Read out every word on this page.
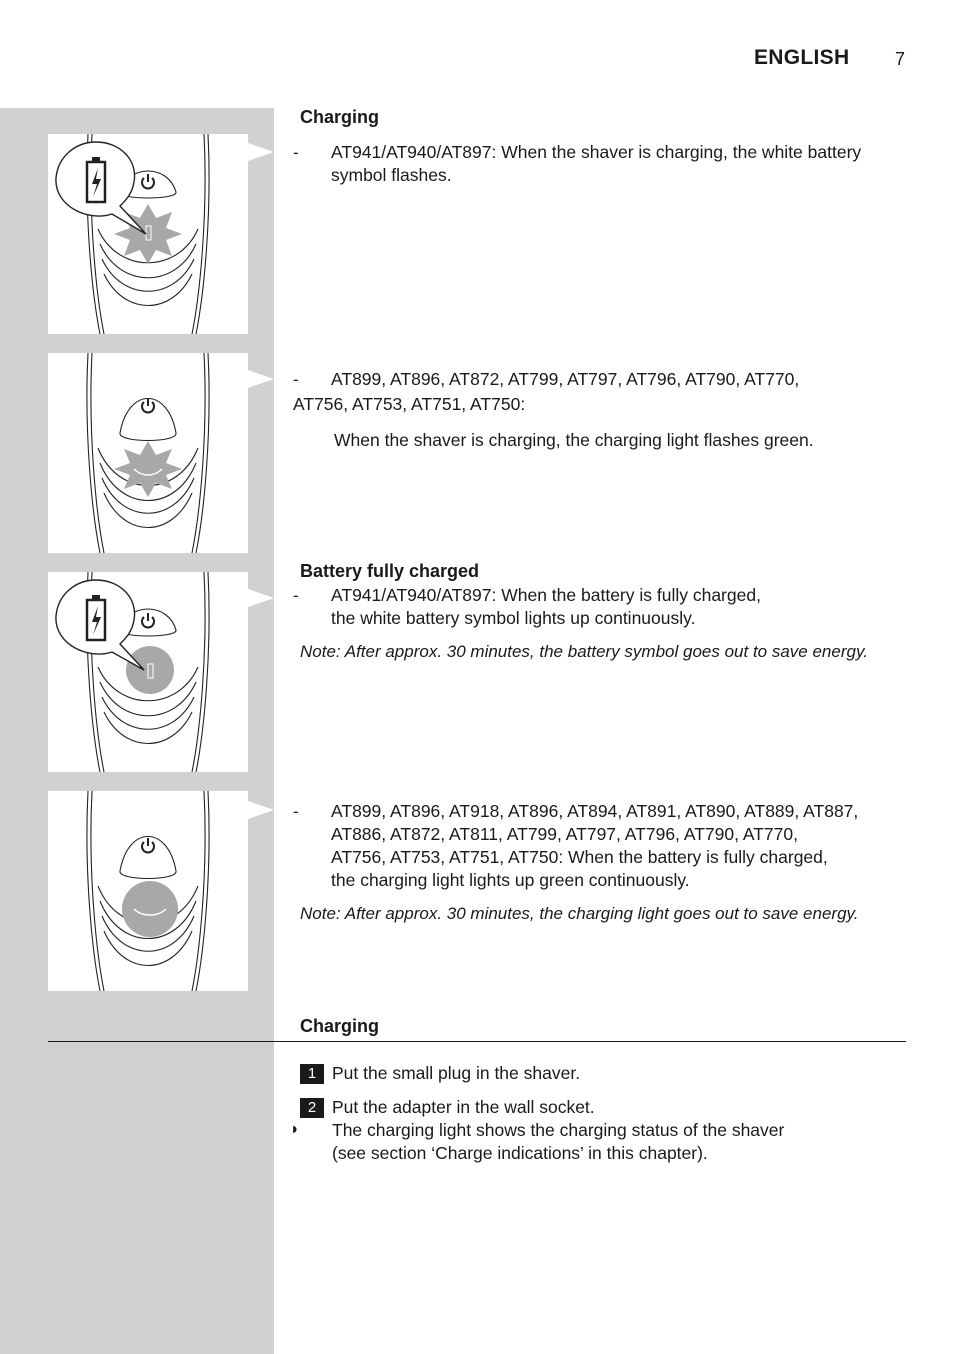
ENGLISH	7
Charging
- AT941/AT940/AT897: When the shaver is charging, the white battery
symbol flashes.
- AT899, AT896, AT872, AT799, AT797, AT796, AT790, AT770,
AT756, AT753, AT751, AT750:
When the shaver is charging, the charging light flashes green.
Battery fully charged
- AT941/AT940/AT897: When the battery is fully charged,
the white battery symbol lights up continuously.
Note: After approx. 30 minutes, the battery symbol goes out to save energy.
- AT899, AT896, AT918, AT896, AT894, AT891, AT890, AT889, AT887,
AT886, AT872, AT811, AT799, AT797, AT796, AT790, AT770,
AT756, AT753, AT751, AT750: When the battery is fully charged,
the charging light lights up green continuously.
Note: After approx. 30 minutes, the charging light goes out to save energy.
Charging
1 Put the small plug in the shaver.
2 Put the adapter in the wall socket.
◗ The charging light shows the charging status of the shaver
(see section ‘Charge indications’ in this chapter).
